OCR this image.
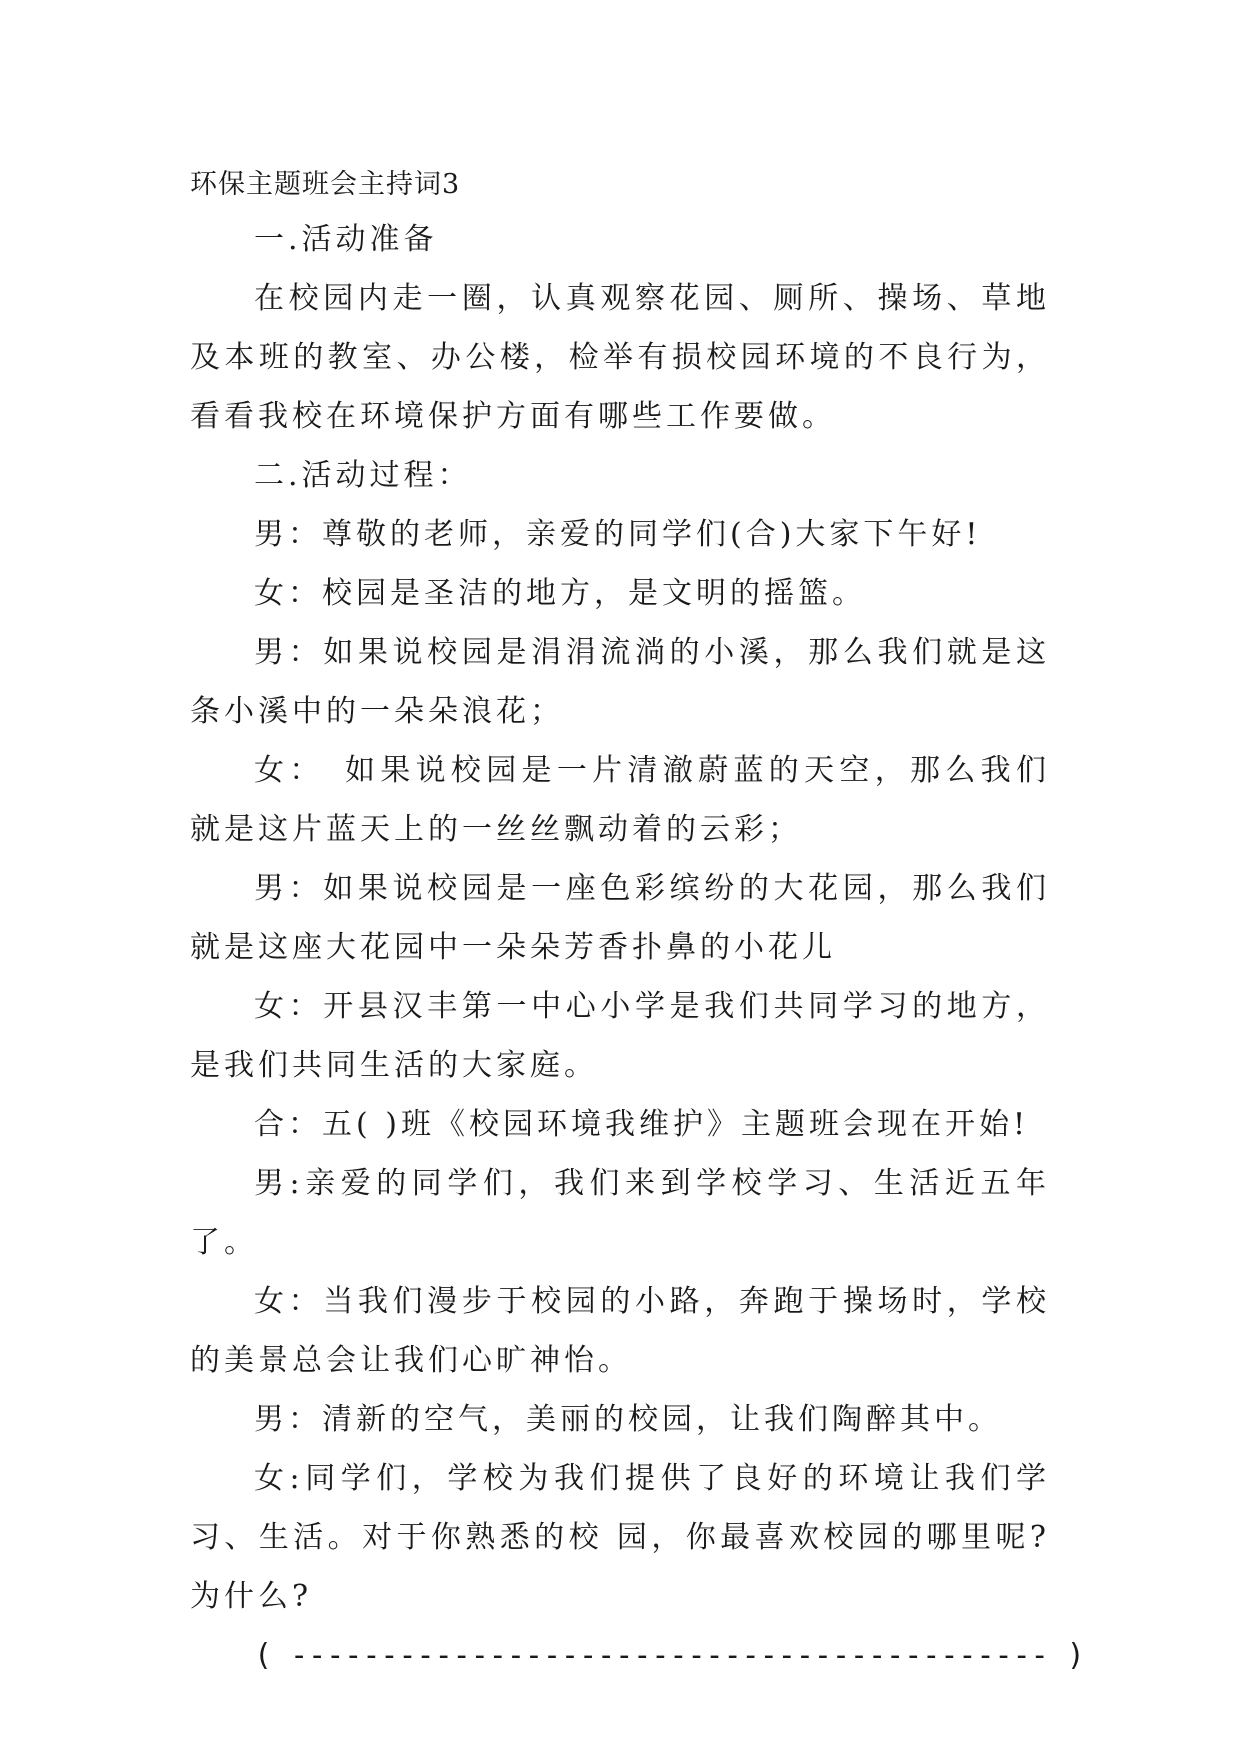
环保主题班会主持词3

一.活动准备

在校园内走一圈，认真观察花园、厕所、操场、草地及本班的教室、办公楼，检举有损校园环境的不良行为，看看我校在环境保护方面有哪些工作要做。

二.活动过程：

男：尊敬的老师，亲爱的同学们(合)大家下午好!

女：校园是圣洁的地方，是文明的摇篮。

男：如果说校园是涓涓流淌的小溪，那么我们就是这条小溪中的一朵朵浪花；

女：　如果说校园是一片清澈蔚蓝的天空，那么我们就是这片蓝天上的一丝丝飘动着的云彩；

男：如果说校园是一座色彩缤纷的大花园，那么我们就是这座大花园中一朵朵芳香扑鼻的小花儿

女：开县汉丰第一中心小学是我们共同学习的地方，是我们共同生活的大家庭。

合：五( )班《校园环境我维护》主题班会现在开始!

男:亲爱的同学们，我们来到学校学习、生活近五年了。

女：当我们漫步于校园的小路，奔跑于操场时，学校的美景总会让我们心旷神怡。

男：清新的空气，美丽的校园，让我们陶醉其中。

女:同学们，学校为我们提供了良好的环境让我们学习、生活。对于你熟悉的校 园，你最喜欢校园的哪里呢?为什么?

( ------------------------------------------ )
